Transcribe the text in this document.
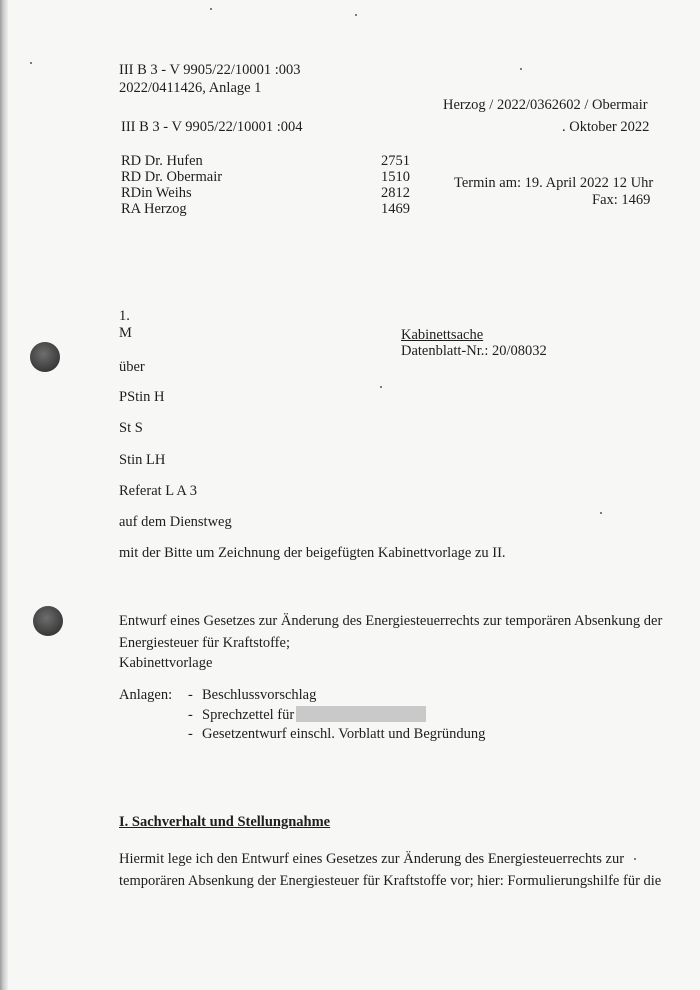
III B 3 - V 9905/22/10001 :003
2022/0411426, Anlage 1
Herzog / 2022/0362602 / Obermair
III B 3 - V 9905/22/10001 :004	. Oktober 2022
RD Dr. Hufen	2751
RD Dr. Obermair	1510
RDin Weihs	2812
RA Herzog	1469
Termin am: 19. April 2022 12 Uhr
Fax: 1469
1.
M	Kabinettsache
Datenblatt-Nr.: 20/08032
über
PStin H
St S
Stin LH
Referat L A 3
auf dem Dienstweg
mit der Bitte um Zeichnung der beigefügten Kabinettvorlage zu II.
Entwurf eines Gesetzes zur Änderung des Energiesteuerrechts zur temporären Absenkung der
Energiesteuer für Kraftstoffe;
Kabinettvorlage
Anlagen: - Beschlussvorschlag
- Sprechzettel für
- Gesetzentwurf einschl. Vorblatt und Begründung
I. Sachverhalt und Stellungnahme
Hiermit lege ich den Entwurf eines Gesetzes zur Änderung des Energiesteuerrechts zur
temporären Absenkung der Energiesteuer für Kraftstoffe vor; hier: Formulierungshilfe für die
